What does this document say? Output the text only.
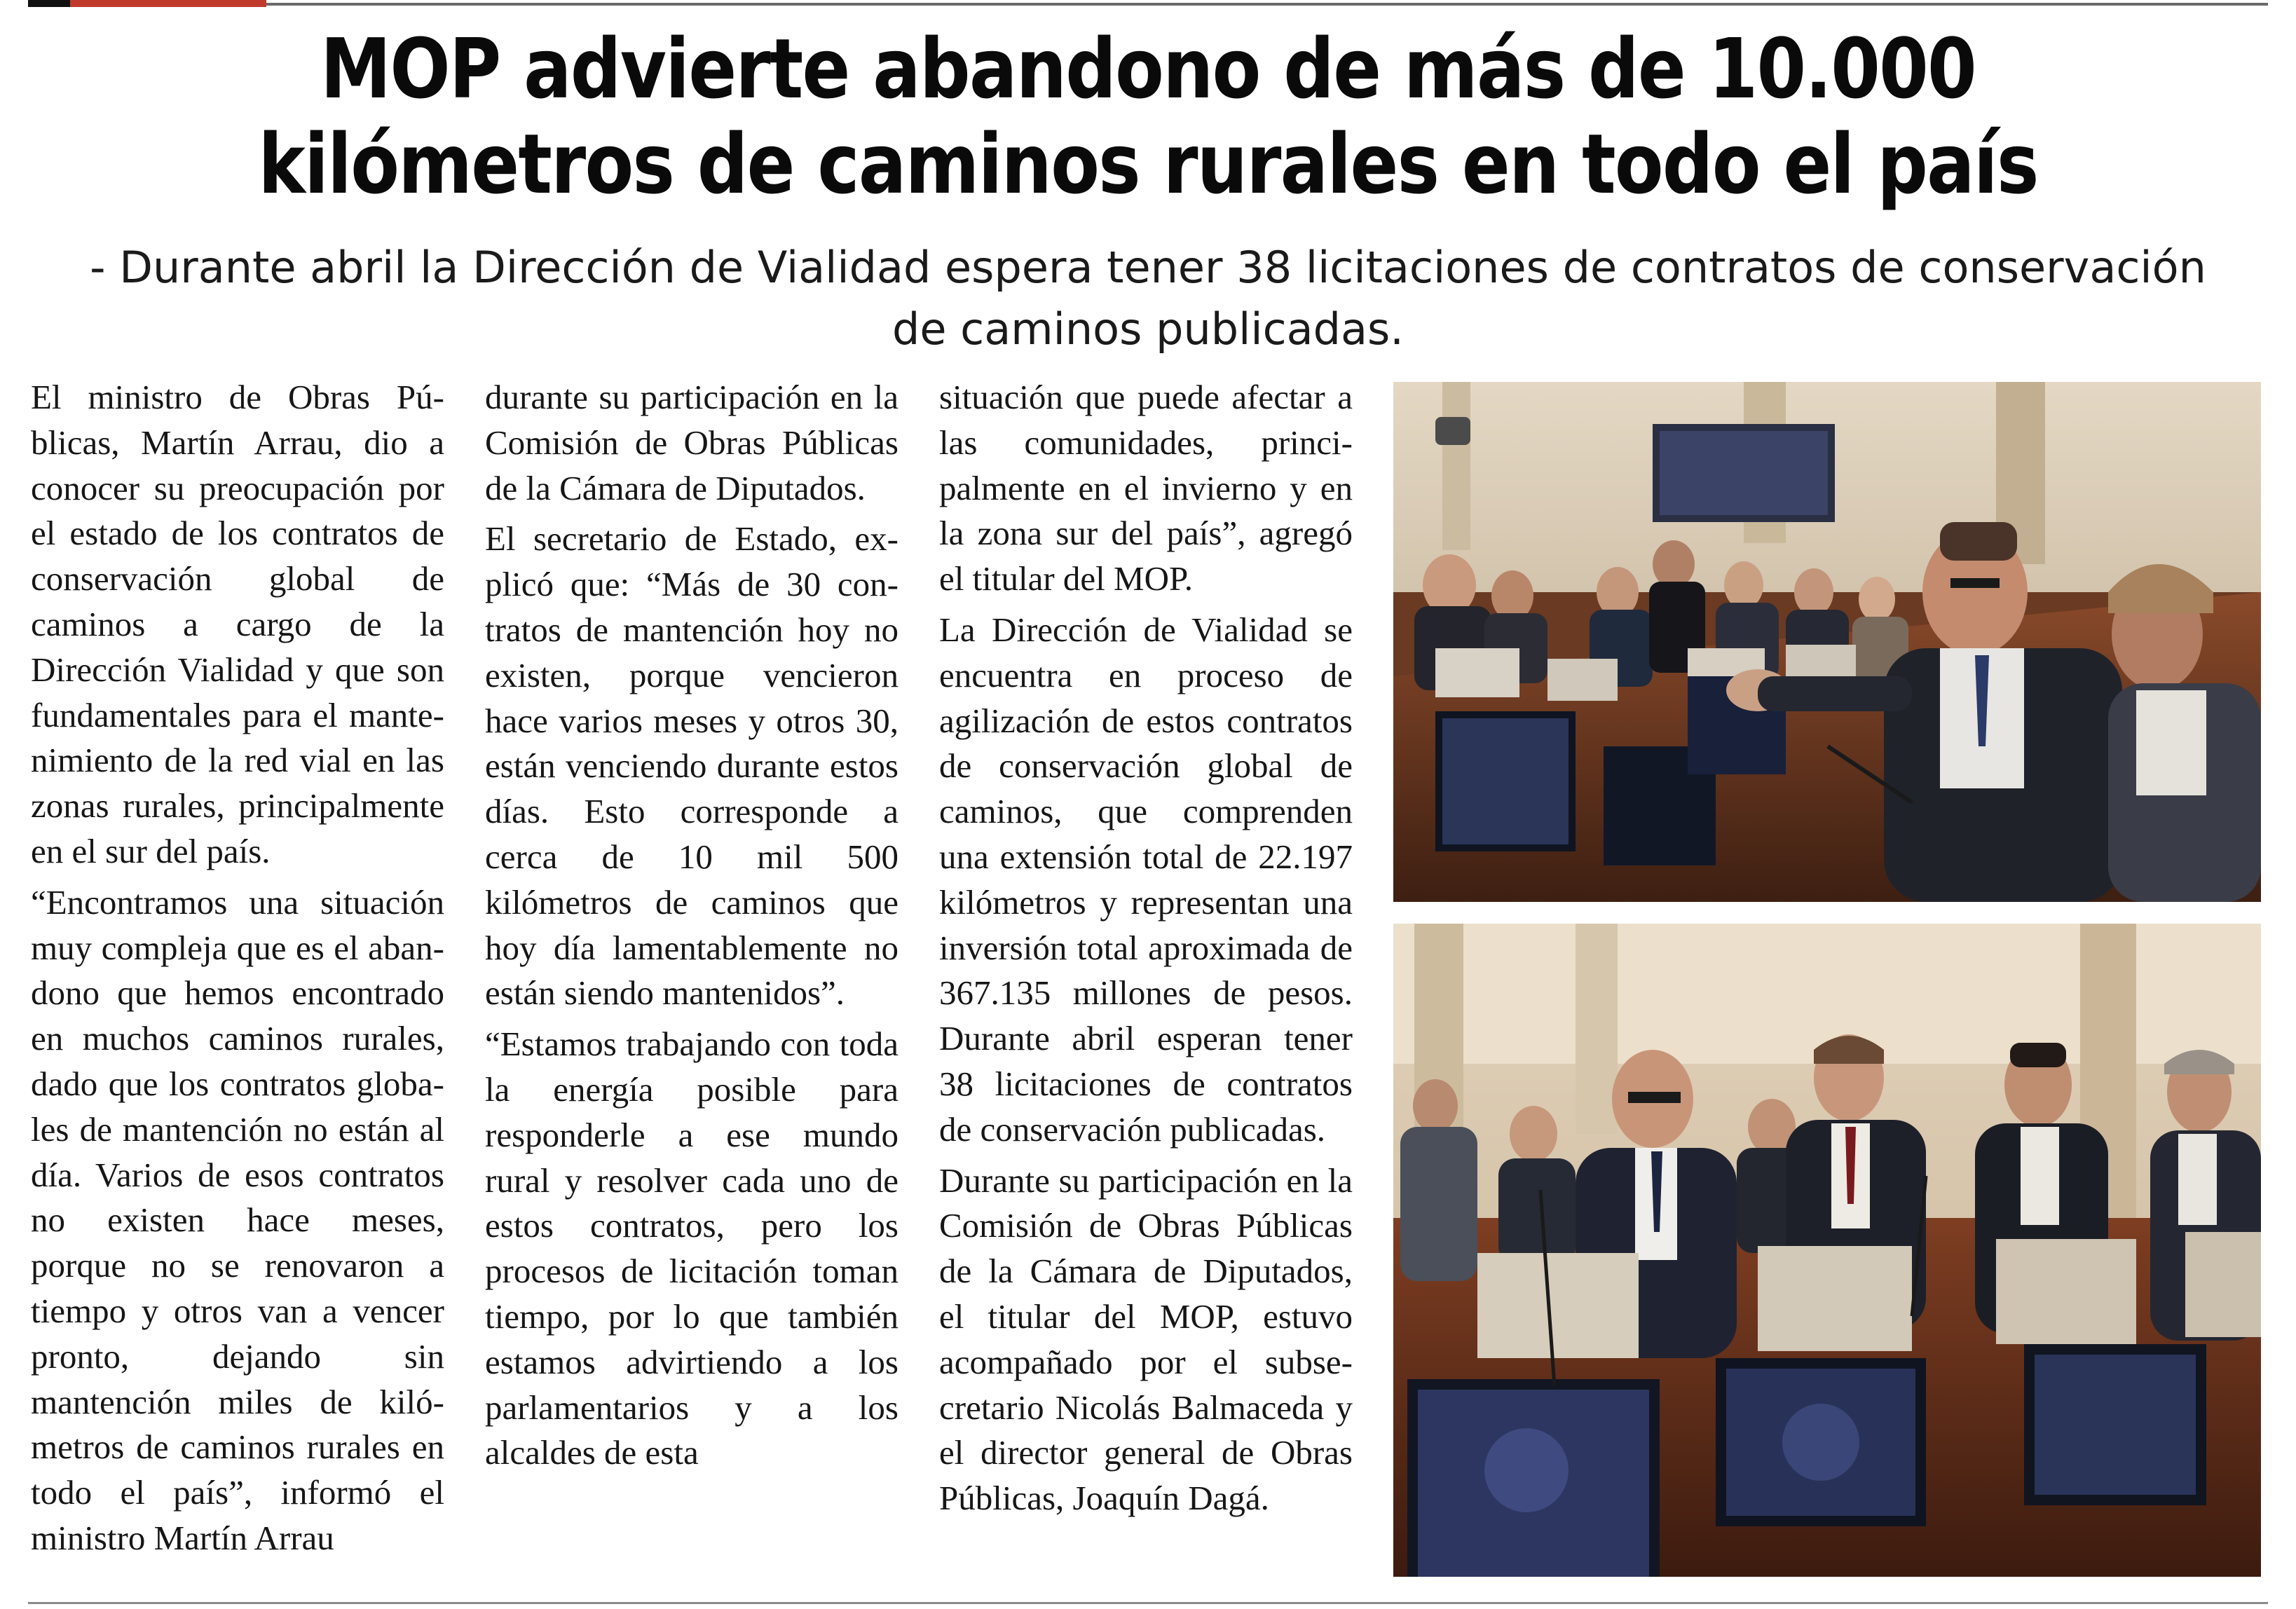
MOP advierte abandono de más de 10.000 kilómetros de caminos rurales en todo el país
- Durante abril la Dirección de Vialidad espera tener 38 licitaciones de contratos de conservación de caminos publicadas.

El ministro de Obras Públicas, Martín Arrau, dio a conocer su preocupación por el estado de los contratos de conservación global de caminos a cargo de la Dirección Vialidad y que son fundamentales para el mantenimiento de la red vial en las zonas rurales, principalmente en el sur del país.

“Encontramos una situación muy compleja que es el abandono que hemos encontrado en muchos caminos rurales, dado que los contratos globales de mantención no están al día. Varios de esos contratos no existen hace meses, porque no se renovaron a tiempo y otros van a vencer pronto, dejando sin mantención miles de kilómetros de caminos rurales en todo el país”, informó el ministro Martín Arrau

durante su participación en la Comisión de Obras Públicas de la Cámara de Diputados.

El secretario de Estado, explicó que: “Más de 30 contratos de mantención hoy no existen, porque vencieron hace varios meses y otros 30, están venciendo durante estos días. Esto corresponde a cerca de 10 mil 500 kilómetros de caminos que hoy día lamentablemente no están siendo mantenidos”.

“Estamos trabajando con toda la energía posible para responderle a ese mundo rural y resolver cada uno de estos contratos, pero los procesos de licitación toman tiempo, por lo que también estamos advirtiendo a los parlamentarios y a los alcaldes de esta

situación que puede afectar a las comunidades, principalmente en el invierno y en la zona sur del país”, agregó el titular del MOP.

La Dirección de Vialidad se encuentra en proceso de agilización de estos contratos de conservación global de caminos, que comprenden una extensión total de 22.197 kilómetros y representan una inversión total aproximada de 367.135 millones de pesos. Durante abril esperan tener 38 licitaciones de contratos de conservación publicadas.

Durante su participación en la Comisión de Obras Públicas de la Cámara de Diputados, el titular del MOP, estuvo acompañado por el subsecretario Nicolás Balmaceda y el director general de Obras Públicas, Joaquín Dagá.
